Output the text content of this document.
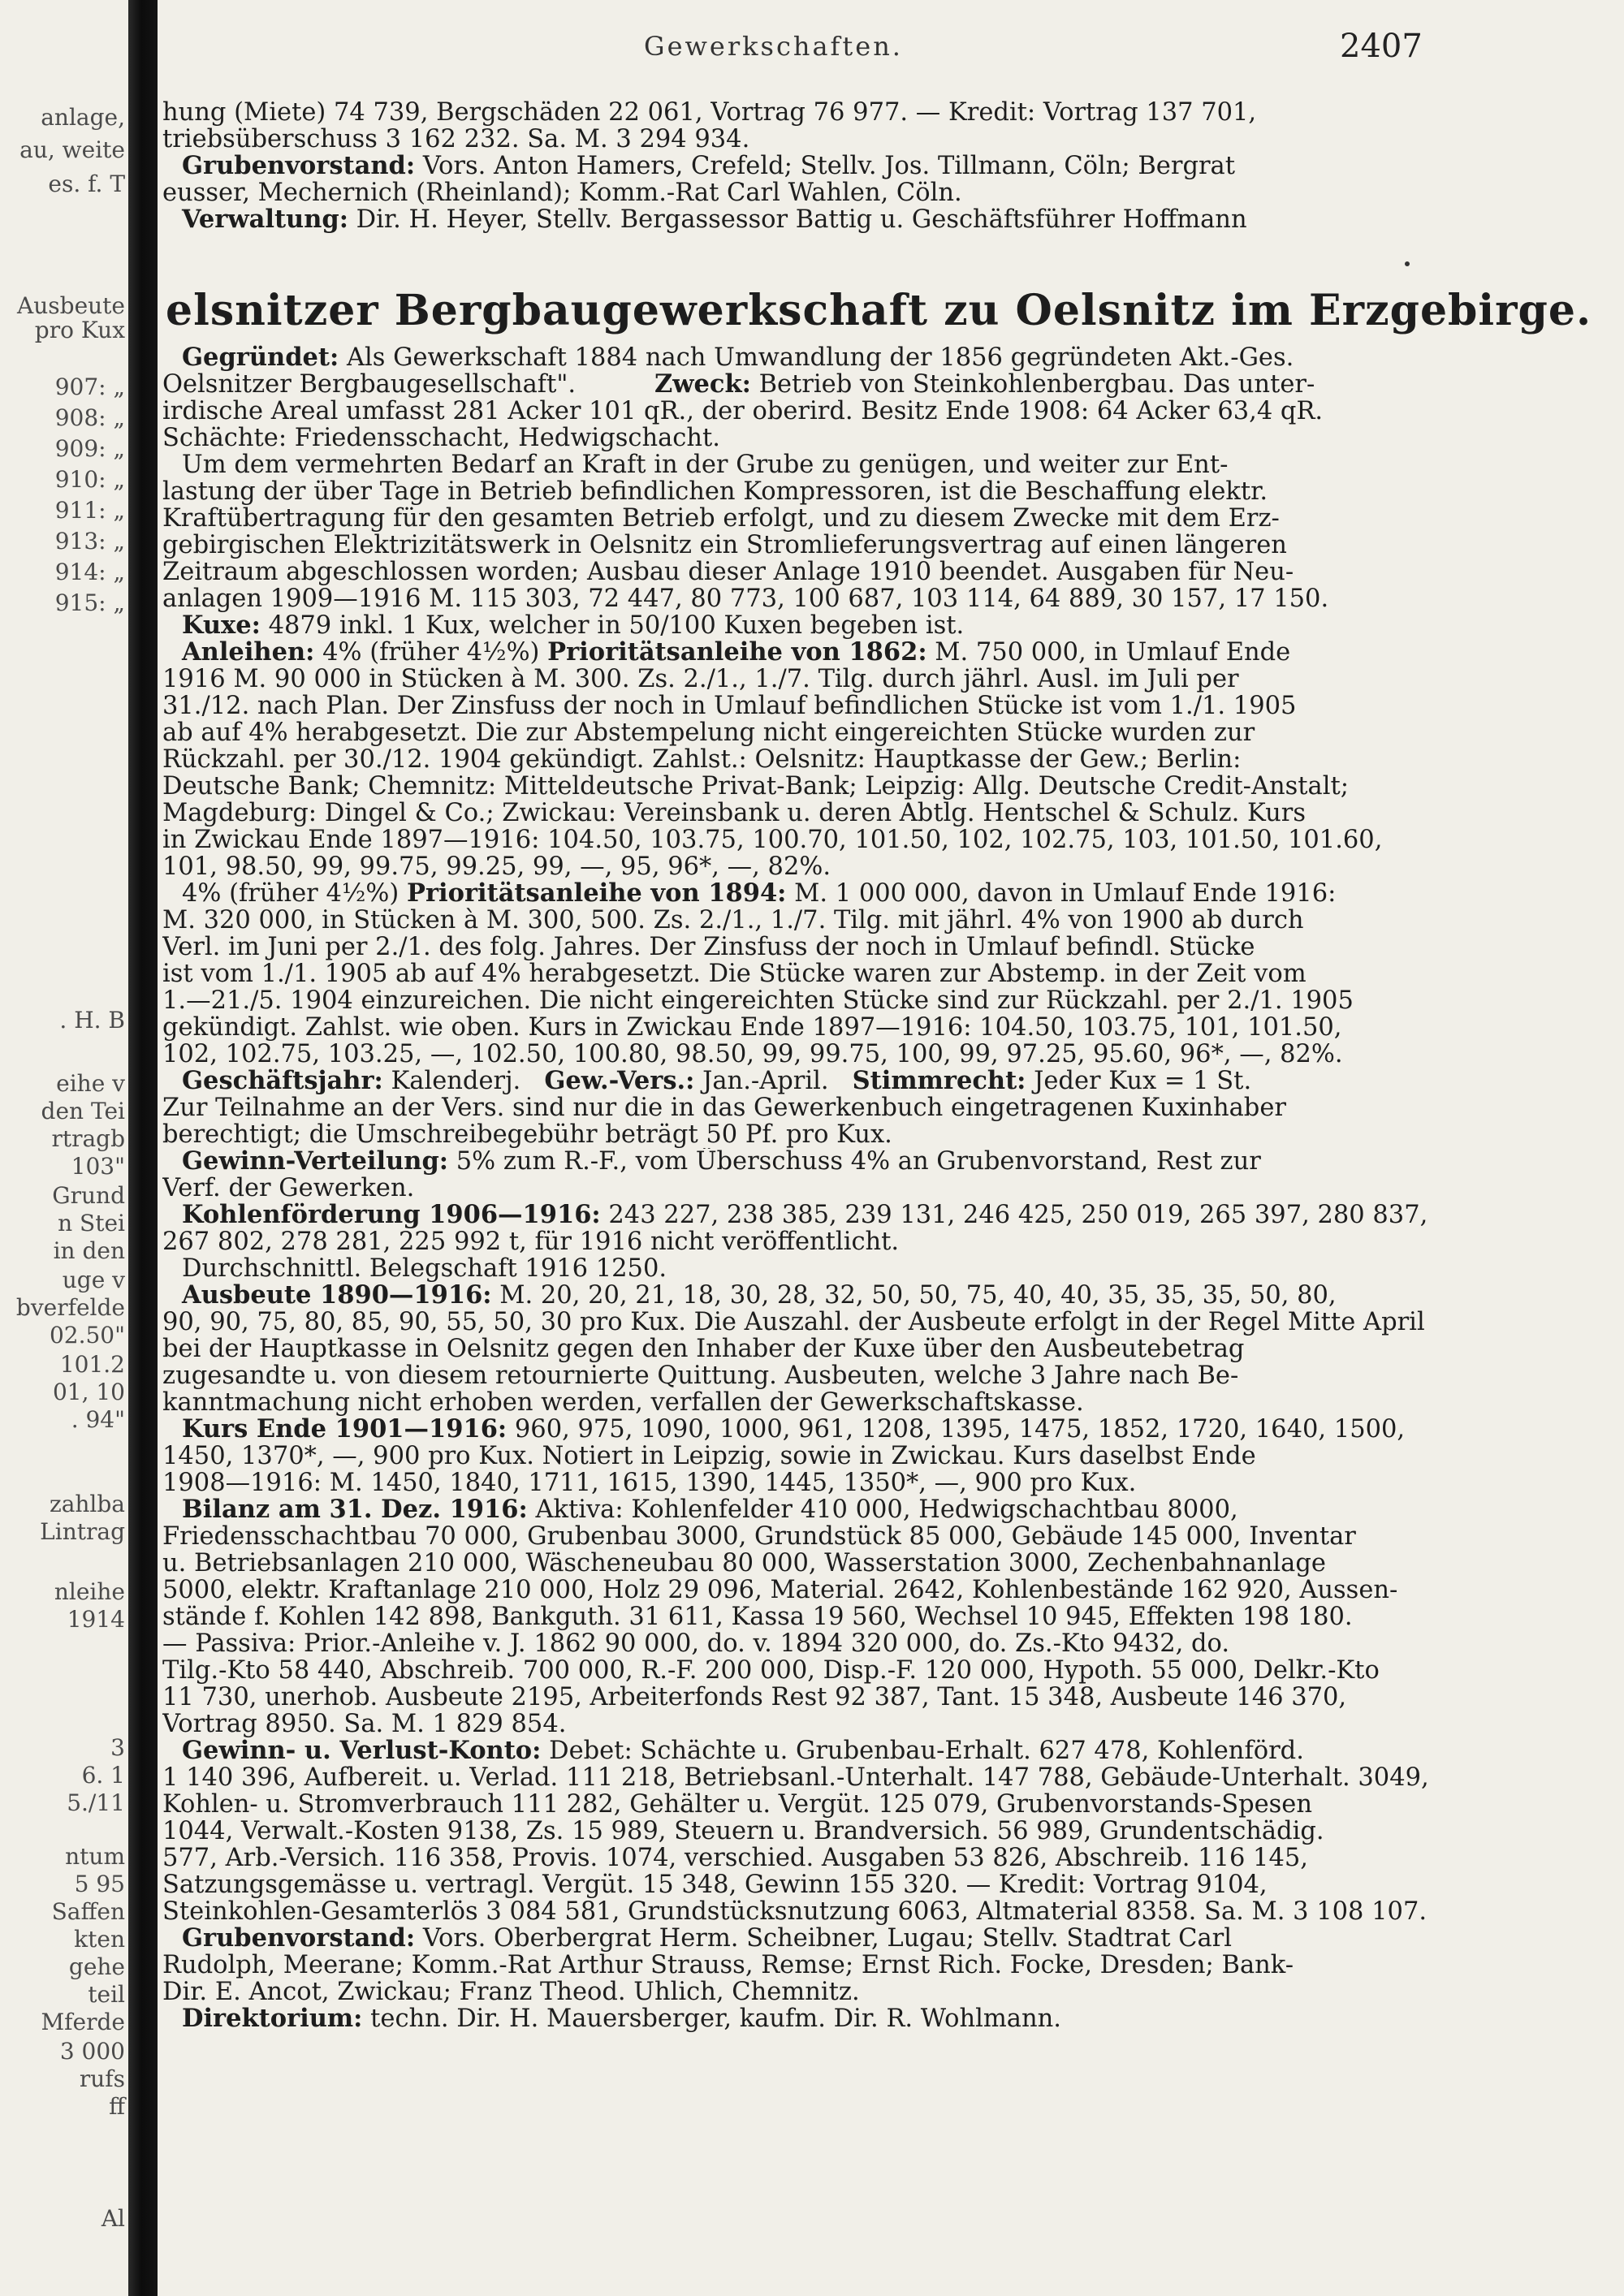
anlage,
au, weite
es. f. T
Ausbeute
pro Kux
907: „
908: „
909: „
910: „
911: „
913: „
914: „
915: „
. H. B
eihe v
den Tei
rtragb
103"
Grund
n Stei
in den
uge v
bverfelde
02.50"
101.2
01, 10
. 94"
zahlba
Lintrag
nleihe
1914
3
6. 1
5./11
ntum
5 95
Saffen
kten
gehe
teil
Mferde
3 000
rufs
ff
Al
Gewerkschaften.	2407
hung (Miete) 74 739, Bergschäden 22 061, Vortrag 76 977. — Kredit: Vortrag 137 701,
triebsüberschuss 3 162 232. Sa. M. 3 294 934.
Grubenvorstand: Vors. Anton Hamers, Crefeld; Stellv. Jos. Tillmann, Cöln; Bergrat
eusser, Mechernich (Rheinland); Komm.-Rat Carl Wahlen, Cöln.
Verwaltung: Dir. H. Heyer, Stellv. Bergassessor Battig u. Geschäftsführer Hoffmann
elsnitzer Bergbaugewerkschaft zu Oelsnitz im Erzgebirge.
Gegründet: Als Gewerkschaft 1884 nach Umwandlung der 1856 gegründeten Akt.-Ges.
Oelsnitzer Bergbaugesellschaft".	Zweck: Betrieb von Steinkohlenbergbau. Das unter-
irdische Areal umfasst 281 Acker 101 qR., der oberird. Besitz Ende 1908: 64 Acker 63,4 qR.
Schächte: Friedensschacht, Hedwigschacht.
Um dem vermehrten Bedarf an Kraft in der Grube zu genügen, und weiter zur Ent-
lastung der über Tage in Betrieb befindlichen Kompressoren, ist die Beschaffung elektr.
Kraftübertragung für den gesamten Betrieb erfolgt, und zu diesem Zwecke mit dem Erz-
gebirgischen Elektrizitätswerk in Oelsnitz ein Stromlieferungsvertrag auf einen längeren
Zeitraum abgeschlossen worden; Ausbau dieser Anlage 1910 beendet. Ausgaben für Neu-
anlagen 1909—1916 M. 115 303, 72 447, 80 773, 100 687, 103 114, 64 889, 30 157, 17 150.
Kuxe: 4879 inkl. 1 Kux, welcher in 50/100 Kuxen begeben ist.
Anleihen: 4% (früher 4½%) Prioritätsanleihe von 1862: M. 750 000, in Umlauf Ende
1916 M. 90 000 in Stücken à M. 300. Zs. 2./1., 1./7. Tilg. durch jährl. Ausl. im Juli per
31./12. nach Plan. Der Zinsfuss der noch in Umlauf befindlichen Stücke ist vom 1./1. 1905
ab auf 4% herabgesetzt. Die zur Abstempelung nicht eingereichten Stücke wurden zur
Rückzahl. per 30./12. 1904 gekündigt. Zahlst.: Oelsnitz: Hauptkasse der Gew.; Berlin:
Deutsche Bank; Chemnitz: Mitteldeutsche Privat-Bank; Leipzig: Allg. Deutsche Credit-Anstalt;
Magdeburg: Dingel & Co.; Zwickau: Vereinsbank u. deren Abtlg. Hentschel & Schulz. Kurs
in Zwickau Ende 1897—1916: 104.50, 103.75, 100.70, 101.50, 102, 102.75, 103, 101.50, 101.60,
101, 98.50, 99, 99.75, 99.25, 99, —, 95, 96*, —, 82%.
4% (früher 4½%) Prioritätsanleihe von 1894: M. 1 000 000, davon in Umlauf Ende 1916:
M. 320 000, in Stücken à M. 300, 500. Zs. 2./1., 1./7. Tilg. mit jährl. 4% von 1900 ab durch
Verl. im Juni per 2./1. des folg. Jahres. Der Zinsfuss der noch in Umlauf befindl. Stücke
ist vom 1./1. 1905 ab auf 4% herabgesetzt. Die Stücke waren zur Abstemp. in der Zeit vom
1.—21./5. 1904 einzureichen. Die nicht eingereichten Stücke sind zur Rückzahl. per 2./1. 1905
gekündigt. Zahlst. wie oben. Kurs in Zwickau Ende 1897—1916: 104.50, 103.75, 101, 101.50,
102, 102.75, 103.25, —, 102.50, 100.80, 98.50, 99, 99.75, 100, 99, 97.25, 95.60, 96*, —, 82%.
Geschäftsjahr: Kalenderj. Gew.-Vers.: Jan.-April. Stimmrecht: Jeder Kux = 1 St.
Zur Teilnahme an der Vers. sind nur die in das Gewerkenbuch eingetragenen Kuxinhaber
berechtigt; die Umschreibegebühr beträgt 50 Pf. pro Kux.
Gewinn-Verteilung: 5% zum R.-F., vom Überschuss 4% an Grubenvorstand, Rest zur
Verf. der Gewerken.
Kohlenförderung 1906—1916: 243 227, 238 385, 239 131, 246 425, 250 019, 265 397, 280 837,
267 802, 278 281, 225 992 t, für 1916 nicht veröffentlicht.
Durchschnittl. Belegschaft 1916 1250.
Ausbeute 1890—1916: M. 20, 20, 21, 18, 30, 28, 32, 50, 50, 75, 40, 40, 35, 35, 35, 50, 80,
90, 90, 75, 80, 85, 90, 55, 50, 30 pro Kux. Die Auszahl. der Ausbeute erfolgt in der Regel Mitte April
bei der Hauptkasse in Oelsnitz gegen den Inhaber der Kuxe über den Ausbeutebetrag
zugesandte u. von diesem retournierte Quittung. Ausbeuten, welche 3 Jahre nach Be-
kanntmachung nicht erhoben werden, verfallen der Gewerkschaftskasse.
Kurs Ende 1901—1916: 960, 975, 1090, 1000, 961, 1208, 1395, 1475, 1852, 1720, 1640, 1500,
1450, 1370*, —, 900 pro Kux. Notiert in Leipzig, sowie in Zwickau. Kurs daselbst Ende
1908—1916: M. 1450, 1840, 1711, 1615, 1390, 1445, 1350*, —, 900 pro Kux.
Bilanz am 31. Dez. 1916: Aktiva: Kohlenfelder 410 000, Hedwigschachtbau 8000,
Friedensschachtbau 70 000, Grubenbau 3000, Grundstück 85 000, Gebäude 145 000, Inventar
u. Betriebsanlagen 210 000, Wäscheneubau 80 000, Wasserstation 3000, Zechenbahnanlage
5000, elektr. Kraftanlage 210 000, Holz 29 096, Material. 2642, Kohlenbestände 162 920, Aussen-
stände f. Kohlen 142 898, Bankguth. 31 611, Kassa 19 560, Wechsel 10 945, Effekten 198 180.
— Passiva: Prior.-Anleihe v. J. 1862 90 000, do. v. 1894 320 000, do. Zs.-Kto 9432, do.
Tilg.-Kto 58 440, Abschreib. 700 000, R.-F. 200 000, Disp.-F. 120 000, Hypoth. 55 000, Delkr.-Kto
11 730, unerhob. Ausbeute 2195, Arbeiterfonds Rest 92 387, Tant. 15 348, Ausbeute 146 370,
Vortrag 8950. Sa. M. 1 829 854.
Gewinn- u. Verlust-Konto: Debet: Schächte u. Grubenbau-Erhalt. 627 478, Kohlenförd.
1 140 396, Aufbereit. u. Verlad. 111 218, Betriebsanl.-Unterhalt. 147 788, Gebäude-Unterhalt. 3049,
Kohlen- u. Stromverbrauch 111 282, Gehälter u. Vergüt. 125 079, Grubenvorstands-Spesen
1044, Verwalt.-Kosten 9138, Zs. 15 989, Steuern u. Brandversich. 56 989, Grundentschädig.
577, Arb.-Versich. 116 358, Provis. 1074, verschied. Ausgaben 53 826, Abschreib. 116 145,
Satzungsgemässe u. vertragl. Vergüt. 15 348, Gewinn 155 320. — Kredit: Vortrag 9104,
Steinkohlen-Gesamterlös 3 084 581, Grundstücksnutzung 6063, Altmaterial 8358. Sa. M. 3 108 107.
Grubenvorstand: Vors. Oberbergrat Herm. Scheibner, Lugau; Stellv. Stadtrat Carl
Rudolph, Meerane; Komm.-Rat Arthur Strauss, Remse; Ernst Rich. Focke, Dresden; Bank-
Dir. E. Ancot, Zwickau; Franz Theod. Uhlich, Chemnitz.
Direktorium: techn. Dir. H. Mauersberger, kaufm. Dir. R. Wohlmann.
